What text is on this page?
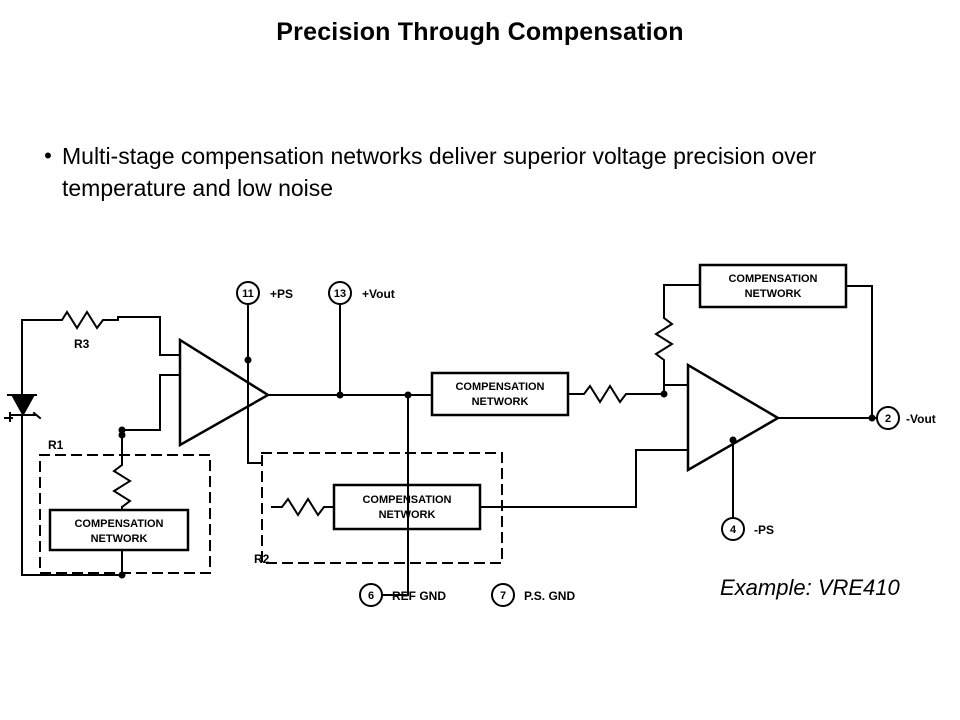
Precision Through Compensation
• Multi-stage compensation networks deliver superior voltage precision over temperature and low noise
Example: VRE410
11 +PS	13 +Vout
2 -Vout
4 -PS
6 REF GND	7 P.S. GND
R3
R1
R2
COMPENSATION
NETWORK
COMPENSATION
NETWORK
COMPENSATION
NETWORK
COMPENSATION
NETWORK
